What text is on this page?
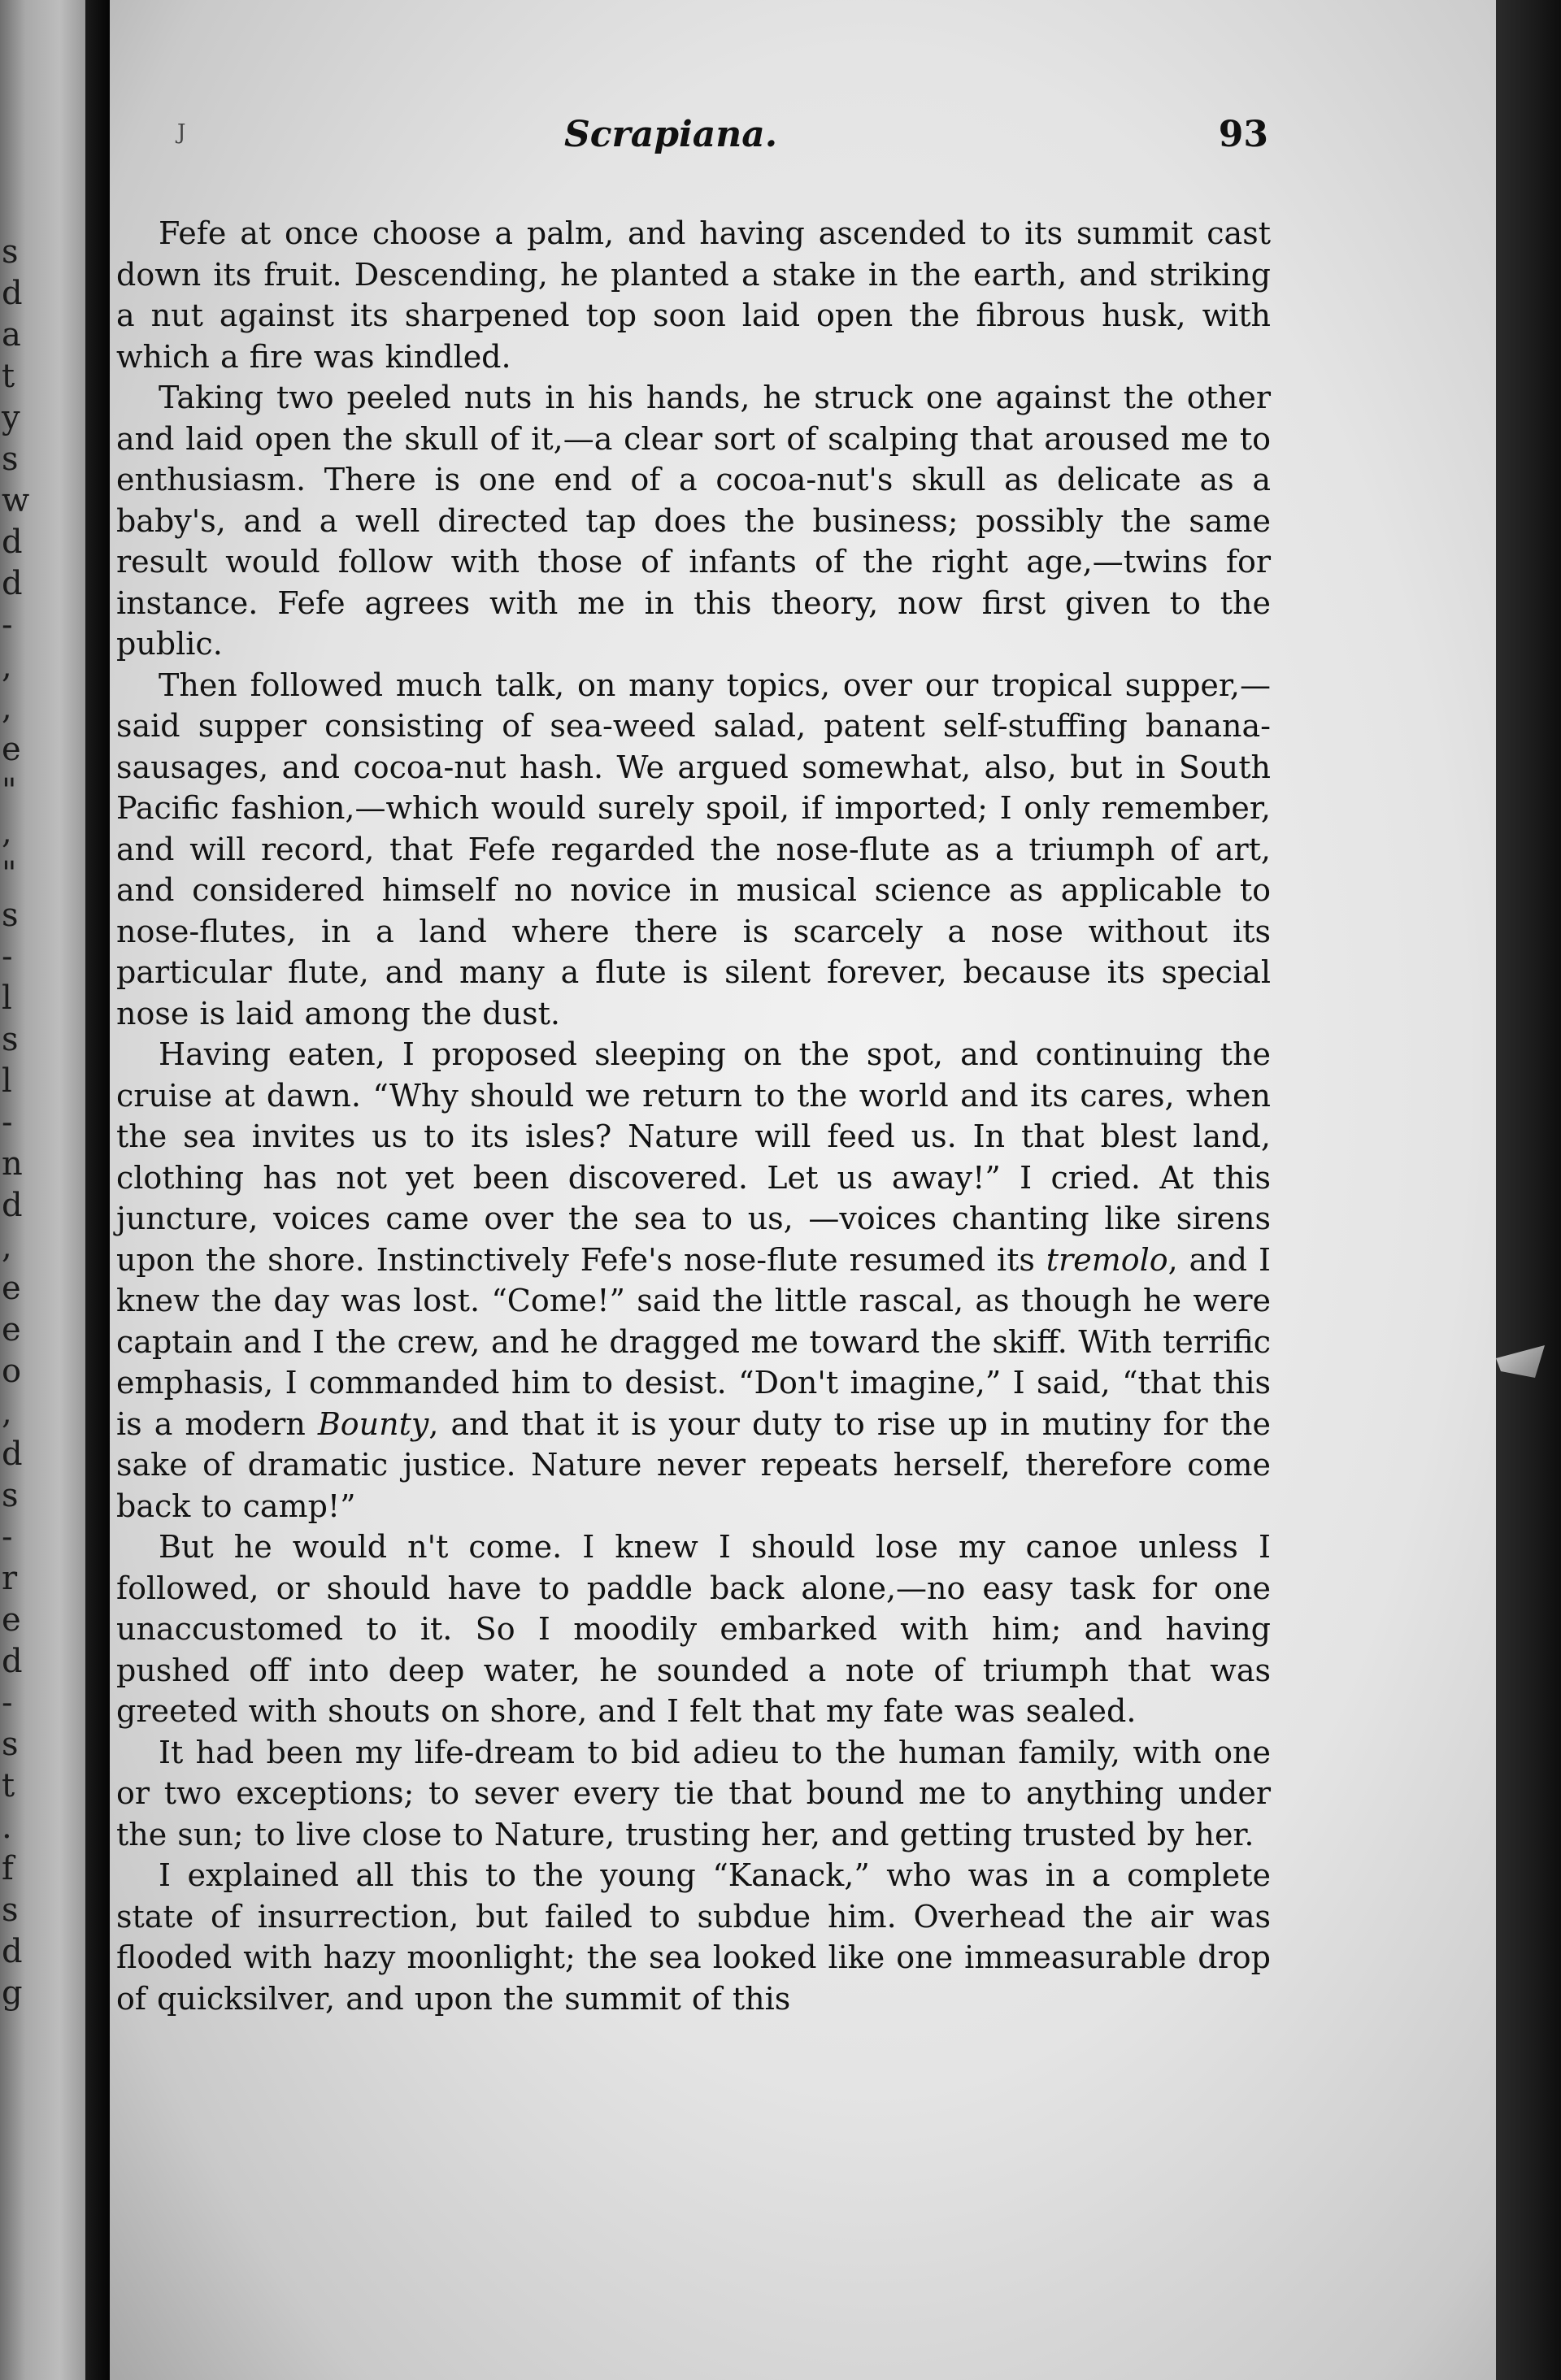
s
d
a
t
y
s
w
d
d
-
,
,
e
"
,
"
s
-
l
s
l
-
n
d
,
e
e
o
,
d
s
-
r
e
d
-
s
t
.
f
s
d
g
J	Scrapiana.	93

Fefe at once choose a palm, and having ascended to its summit cast down its fruit. Descending, he planted a stake in the earth, and striking a nut against its sharpened top soon laid open the fibrous husk, with which a fire was kindled.

Taking two peeled nuts in his hands, he struck one against the other and laid open the skull of it,—a clear sort of scalping that aroused me to enthusiasm. There is one end of a cocoa-nut's skull as delicate as a baby's, and a well directed tap does the business; possibly the same result would follow with those of infants of the right age,—twins for instance. Fefe agrees with me in this theory, now first given to the public.

Then followed much talk, on many topics, over our tropical supper,—said supper consisting of sea-weed salad, patent self-stuffing banana-sausages, and cocoa-nut hash. We argued somewhat, also, but in South Pacific fashion,—which would surely spoil, if imported; I only remember, and will record, that Fefe regarded the nose-flute as a triumph of art, and considered himself no novice in musical science as applicable to nose-flutes, in a land where there is scarcely a nose without its particular flute, and many a flute is silent forever, because its special nose is laid among the dust.

Having eaten, I proposed sleeping on the spot, and continuing the cruise at dawn. “Why should we return to the world and its cares, when the sea invites us to its isles? Nature will feed us. In that blest land, clothing has not yet been discovered. Let us away!” I cried. At this juncture, voices came over the sea to us, —voices chanting like sirens upon the shore. Instinctively Fefe's nose-flute resumed its tremolo, and I knew the day was lost. “Come!” said the little rascal, as though he were captain and I the crew, and he dragged me toward the skiff. With terrific emphasis, I commanded him to desist. “Don't imagine,” I said, “that this is a modern Bounty, and that it is your duty to rise up in mutiny for the sake of dramatic justice. Nature never repeats herself, therefore come back to camp!”

But he would n't come. I knew I should lose my canoe unless I followed, or should have to paddle back alone,—no easy task for one unaccustomed to it. So I moodily embarked with him; and having pushed off into deep water, he sounded a note of triumph that was greeted with shouts on shore, and I felt that my fate was sealed.

It had been my life-dream to bid adieu to the human family, with one or two exceptions; to sever every tie that bound me to anything under the sun; to live close to Nature, trusting her, and getting trusted by her.

I explained all this to the young “Kanack,” who was in a complete state of insurrection, but failed to subdue him. Overhead the air was flooded with hazy moonlight; the sea looked like one immeasurable drop of quicksilver, and upon the summit of this
